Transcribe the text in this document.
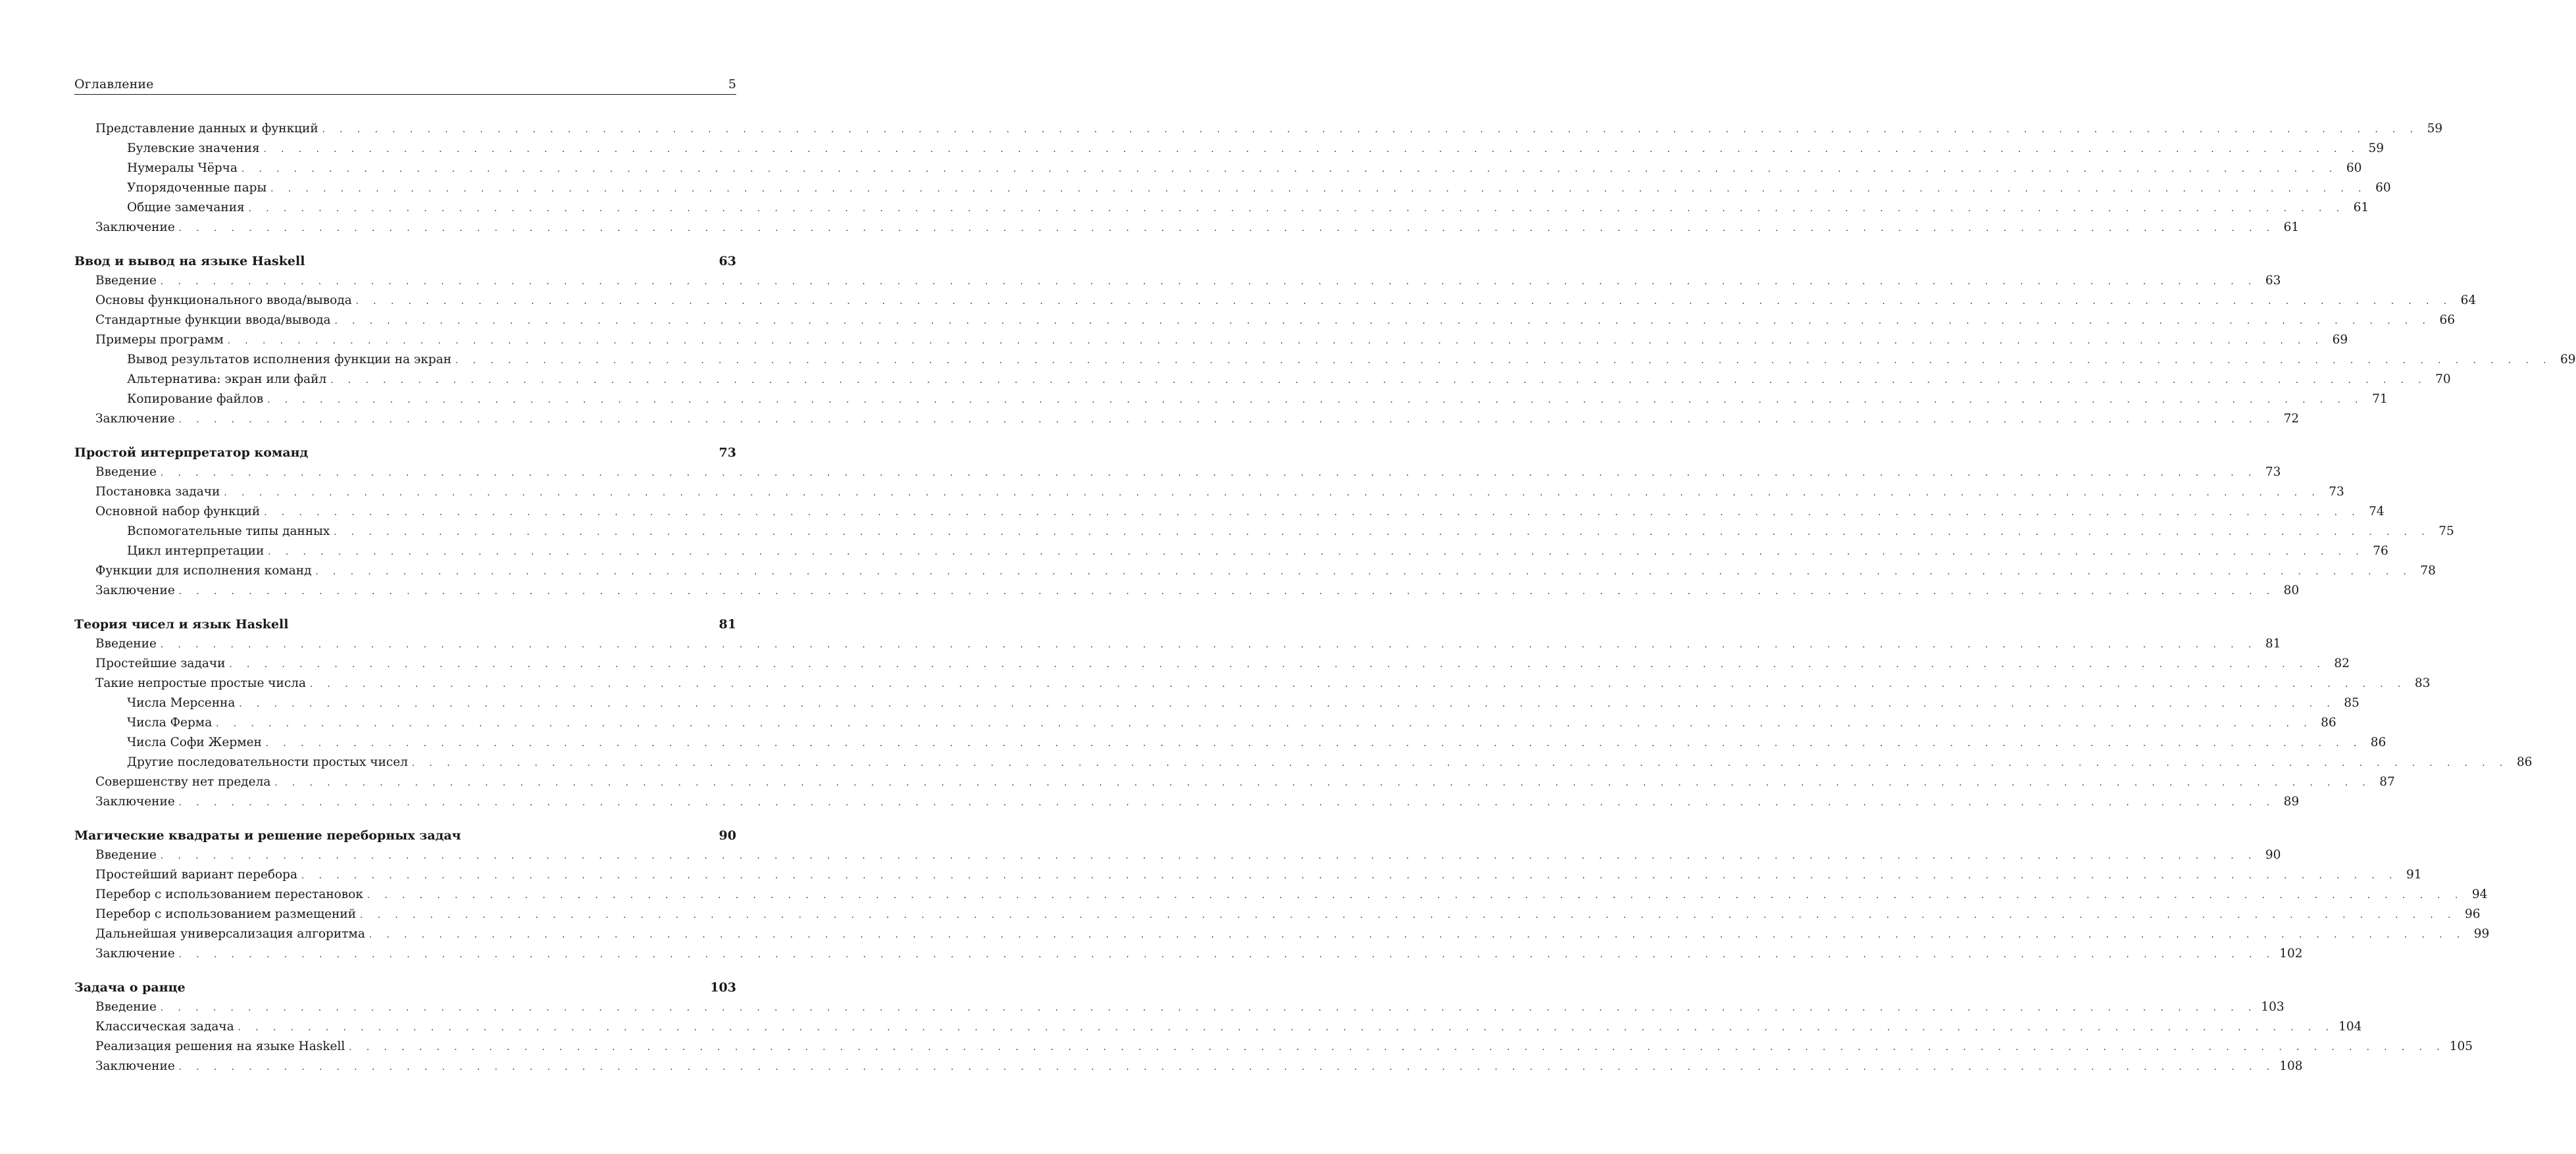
Оглавление	5
Представление данных и функций . . . . . . . . . . . . . . . . . . . . . . . . . . . . . . . . . . . . . . . . . . . . . . . . . . . . . . . . . . . . . . . . . . . . . . . . . . . . . . . . . . . . . . . . . . . . . . . . . . . . . . . . . . . . . . . . . . . . . . . . 59
Булевские значения . . . . . . . . . . . . . . . . . . . . . . . . . . . . . . . . . . . . . . . . . . . . . . . . . . . . . . . . . . . . . . . . . . . . . . . . . . . . . . . . . . . . . . . . . . . . . . . . . . . . . . . . . . . . . . . . . . . . . . . . 59
Нумералы Чёрча . . . . . . . . . . . . . . . . . . . . . . . . . . . . . . . . . . . . . . . . . . . . . . . . . . . . . . . . . . . . . . . . . . . . . . . . . . . . . . . . . . . . . . . . . . . . . . . . . . . . . . . . . . . . . . . . . . . . . . . . 60
Упорядоченные пары . . . . . . . . . . . . . . . . . . . . . . . . . . . . . . . . . . . . . . . . . . . . . . . . . . . . . . . . . . . . . . . . . . . . . . . . . . . . . . . . . . . . . . . . . . . . . . . . . . . . . . . . . . . . . . . . . . . . . . . . 60
Общие замечания . . . . . . . . . . . . . . . . . . . . . . . . . . . . . . . . . . . . . . . . . . . . . . . . . . . . . . . . . . . . . . . . . . . . . . . . . . . . . . . . . . . . . . . . . . . . . . . . . . . . . . . . . . . . . . . . . . . . . . . . 61
Заключение . . . . . . . . . . . . . . . . . . . . . . . . . . . . . . . . . . . . . . . . . . . . . . . . . . . . . . . . . . . . . . . . . . . . . . . . . . . . . . . . . . . . . . . . . . . . . . . . . . . . . . . . . . . . . . . . . . . . . . . . 61
Ввод и вывод на языке Haskell	63
Введение . . . . . . . . . . . . . . . . . . . . . . . . . . . . . . . . . . . . . . . . . . . . . . . . . . . . . . . . . . . . . . . . . . . . . . . . . . . . . . . . . . . . . . . . . . . . . . . . . . . . . . . . . . . . . . . . . . . . . . . . 63
Основы функционального ввода/вывода . . . . . . . . . . . . . . . . . . . . . . . . . . . . . . . . . . . . . . . . . . . . . . . . . . . . . . . . . . . . . . . . . . . . . . . . . . . . . . . . . . . . . . . . . . . . . . . . . . . . . . . . . . . . . . . . . . . . . . . . 64
Стандартные функции ввода/вывода . . . . . . . . . . . . . . . . . . . . . . . . . . . . . . . . . . . . . . . . . . . . . . . . . . . . . . . . . . . . . . . . . . . . . . . . . . . . . . . . . . . . . . . . . . . . . . . . . . . . . . . . . . . . . . . . . . . . . . . . 66
Примеры программ . . . . . . . . . . . . . . . . . . . . . . . . . . . . . . . . . . . . . . . . . . . . . . . . . . . . . . . . . . . . . . . . . . . . . . . . . . . . . . . . . . . . . . . . . . . . . . . . . . . . . . . . . . . . . . . . . . . . . . . . 69
Вывод результатов исполнения функции на экран . . . . . . . . . . . . . . . . . . . . . . . . . . . . . . . . . . . . . . . . . . . . . . . . . . . . . . . . . . . . . . . . . . . . . . . . . . . . . . . . . . . . . . . . . . . . . . . . . . . . . . . . . . . . . . . . . . . . . . . . 69
Альтернатива: экран или файл . . . . . . . . . . . . . . . . . . . . . . . . . . . . . . . . . . . . . . . . . . . . . . . . . . . . . . . . . . . . . . . . . . . . . . . . . . . . . . . . . . . . . . . . . . . . . . . . . . . . . . . . . . . . . . . . . . . . . . . . 70
Копирование файлов . . . . . . . . . . . . . . . . . . . . . . . . . . . . . . . . . . . . . . . . . . . . . . . . . . . . . . . . . . . . . . . . . . . . . . . . . . . . . . . . . . . . . . . . . . . . . . . . . . . . . . . . . . . . . . . . . . . . . . . . 71
Заключение . . . . . . . . . . . . . . . . . . . . . . . . . . . . . . . . . . . . . . . . . . . . . . . . . . . . . . . . . . . . . . . . . . . . . . . . . . . . . . . . . . . . . . . . . . . . . . . . . . . . . . . . . . . . . . . . . . . . . . . . 72
Простой интерпретатор команд	73
Введение . . . . . . . . . . . . . . . . . . . . . . . . . . . . . . . . . . . . . . . . . . . . . . . . . . . . . . . . . . . . . . . . . . . . . . . . . . . . . . . . . . . . . . . . . . . . . . . . . . . . . . . . . . . . . . . . . . . . . . . . 73
Постановка задачи . . . . . . . . . . . . . . . . . . . . . . . . . . . . . . . . . . . . . . . . . . . . . . . . . . . . . . . . . . . . . . . . . . . . . . . . . . . . . . . . . . . . . . . . . . . . . . . . . . . . . . . . . . . . . . . . . . . . . . . . 73
Основной набор функций . . . . . . . . . . . . . . . . . . . . . . . . . . . . . . . . . . . . . . . . . . . . . . . . . . . . . . . . . . . . . . . . . . . . . . . . . . . . . . . . . . . . . . . . . . . . . . . . . . . . . . . . . . . . . . . . . . . . . . . . 74
Вспомогательные типы данных . . . . . . . . . . . . . . . . . . . . . . . . . . . . . . . . . . . . . . . . . . . . . . . . . . . . . . . . . . . . . . . . . . . . . . . . . . . . . . . . . . . . . . . . . . . . . . . . . . . . . . . . . . . . . . . . . . . . . . . . 75
Цикл интерпретации . . . . . . . . . . . . . . . . . . . . . . . . . . . . . . . . . . . . . . . . . . . . . . . . . . . . . . . . . . . . . . . . . . . . . . . . . . . . . . . . . . . . . . . . . . . . . . . . . . . . . . . . . . . . . . . . . . . . . . . . 76
Функции для исполнения команд . . . . . . . . . . . . . . . . . . . . . . . . . . . . . . . . . . . . . . . . . . . . . . . . . . . . . . . . . . . . . . . . . . . . . . . . . . . . . . . . . . . . . . . . . . . . . . . . . . . . . . . . . . . . . . . . . . . . . . . . 78
Заключение . . . . . . . . . . . . . . . . . . . . . . . . . . . . . . . . . . . . . . . . . . . . . . . . . . . . . . . . . . . . . . . . . . . . . . . . . . . . . . . . . . . . . . . . . . . . . . . . . . . . . . . . . . . . . . . . . . . . . . . . 80
Теория чисел и язык Haskell	81
Введение . . . . . . . . . . . . . . . . . . . . . . . . . . . . . . . . . . . . . . . . . . . . . . . . . . . . . . . . . . . . . . . . . . . . . . . . . . . . . . . . . . . . . . . . . . . . . . . . . . . . . . . . . . . . . . . . . . . . . . . . 81
Простейшие задачи . . . . . . . . . . . . . . . . . . . . . . . . . . . . . . . . . . . . . . . . . . . . . . . . . . . . . . . . . . . . . . . . . . . . . . . . . . . . . . . . . . . . . . . . . . . . . . . . . . . . . . . . . . . . . . . . . . . . . . . . 82
Такие непростые простые числа . . . . . . . . . . . . . . . . . . . . . . . . . . . . . . . . . . . . . . . . . . . . . . . . . . . . . . . . . . . . . . . . . . . . . . . . . . . . . . . . . . . . . . . . . . . . . . . . . . . . . . . . . . . . . . . . . . . . . . . . 83
Числа Мерсенна . . . . . . . . . . . . . . . . . . . . . . . . . . . . . . . . . . . . . . . . . . . . . . . . . . . . . . . . . . . . . . . . . . . . . . . . . . . . . . . . . . . . . . . . . . . . . . . . . . . . . . . . . . . . . . . . . . . . . . . . 85
Числа Ферма . . . . . . . . . . . . . . . . . . . . . . . . . . . . . . . . . . . . . . . . . . . . . . . . . . . . . . . . . . . . . . . . . . . . . . . . . . . . . . . . . . . . . . . . . . . . . . . . . . . . . . . . . . . . . . . . . . . . . . . . 86
Числа Софи Жермен . . . . . . . . . . . . . . . . . . . . . . . . . . . . . . . . . . . . . . . . . . . . . . . . . . . . . . . . . . . . . . . . . . . . . . . . . . . . . . . . . . . . . . . . . . . . . . . . . . . . . . . . . . . . . . . . . . . . . . . . 86
Другие последовательности простых чисел . . . . . . . . . . . . . . . . . . . . . . . . . . . . . . . . . . . . . . . . . . . . . . . . . . . . . . . . . . . . . . . . . . . . . . . . . . . . . . . . . . . . . . . . . . . . . . . . . . . . . . . . . . . . . . . . . . . . . . . . 86
Совершенству нет предела . . . . . . . . . . . . . . . . . . . . . . . . . . . . . . . . . . . . . . . . . . . . . . . . . . . . . . . . . . . . . . . . . . . . . . . . . . . . . . . . . . . . . . . . . . . . . . . . . . . . . . . . . . . . . . . . . . . . . . . . 87
Заключение . . . . . . . . . . . . . . . . . . . . . . . . . . . . . . . . . . . . . . . . . . . . . . . . . . . . . . . . . . . . . . . . . . . . . . . . . . . . . . . . . . . . . . . . . . . . . . . . . . . . . . . . . . . . . . . . . . . . . . . . 89
Магические квадраты и решение переборных задач	90
Введение . . . . . . . . . . . . . . . . . . . . . . . . . . . . . . . . . . . . . . . . . . . . . . . . . . . . . . . . . . . . . . . . . . . . . . . . . . . . . . . . . . . . . . . . . . . . . . . . . . . . . . . . . . . . . . . . . . . . . . . . 90
Простейший вариант перебора . . . . . . . . . . . . . . . . . . . . . . . . . . . . . . . . . . . . . . . . . . . . . . . . . . . . . . . . . . . . . . . . . . . . . . . . . . . . . . . . . . . . . . . . . . . . . . . . . . . . . . . . . . . . . . . . . . . . . . . . 91
Перебор с использованием перестановок . . . . . . . . . . . . . . . . . . . . . . . . . . . . . . . . . . . . . . . . . . . . . . . . . . . . . . . . . . . . . . . . . . . . . . . . . . . . . . . . . . . . . . . . . . . . . . . . . . . . . . . . . . . . . . . . . . . . . . . . 94
Перебор с использованием размещений . . . . . . . . . . . . . . . . . . . . . . . . . . . . . . . . . . . . . . . . . . . . . . . . . . . . . . . . . . . . . . . . . . . . . . . . . . . . . . . . . . . . . . . . . . . . . . . . . . . . . . . . . . . . . . . . . . . . . . . . 96
Дальнейшая универсализация алгоритма . . . . . . . . . . . . . . . . . . . . . . . . . . . . . . . . . . . . . . . . . . . . . . . . . . . . . . . . . . . . . . . . . . . . . . . . . . . . . . . . . . . . . . . . . . . . . . . . . . . . . . . . . . . . . . . . . . . . . . . . 99
Заключение . . . . . . . . . . . . . . . . . . . . . . . . . . . . . . . . . . . . . . . . . . . . . . . . . . . . . . . . . . . . . . . . . . . . . . . . . . . . . . . . . . . . . . . . . . . . . . . . . . . . . . . . . . . . . . . . . . . . . . . . 102
Задача о ранце	103
Введение . . . . . . . . . . . . . . . . . . . . . . . . . . . . . . . . . . . . . . . . . . . . . . . . . . . . . . . . . . . . . . . . . . . . . . . . . . . . . . . . . . . . . . . . . . . . . . . . . . . . . . . . . . . . . . . . . . . . . . . . 103
Классическая задача . . . . . . . . . . . . . . . . . . . . . . . . . . . . . . . . . . . . . . . . . . . . . . . . . . . . . . . . . . . . . . . . . . . . . . . . . . . . . . . . . . . . . . . . . . . . . . . . . . . . . . . . . . . . . . . . . . . . . . . . 104
Реализация решения на языке Haskell . . . . . . . . . . . . . . . . . . . . . . . . . . . . . . . . . . . . . . . . . . . . . . . . . . . . . . . . . . . . . . . . . . . . . . . . . . . . . . . . . . . . . . . . . . . . . . . . . . . . . . . . . . . . . . . . . . . . . . . . 105
Заключение . . . . . . . . . . . . . . . . . . . . . . . . . . . . . . . . . . . . . . . . . . . . . . . . . . . . . . . . . . . . . . . . . . . . . . . . . . . . . . . . . . . . . . . . . . . . . . . . . . . . . . . . . . . . . . . . . . . . . . . . 108
